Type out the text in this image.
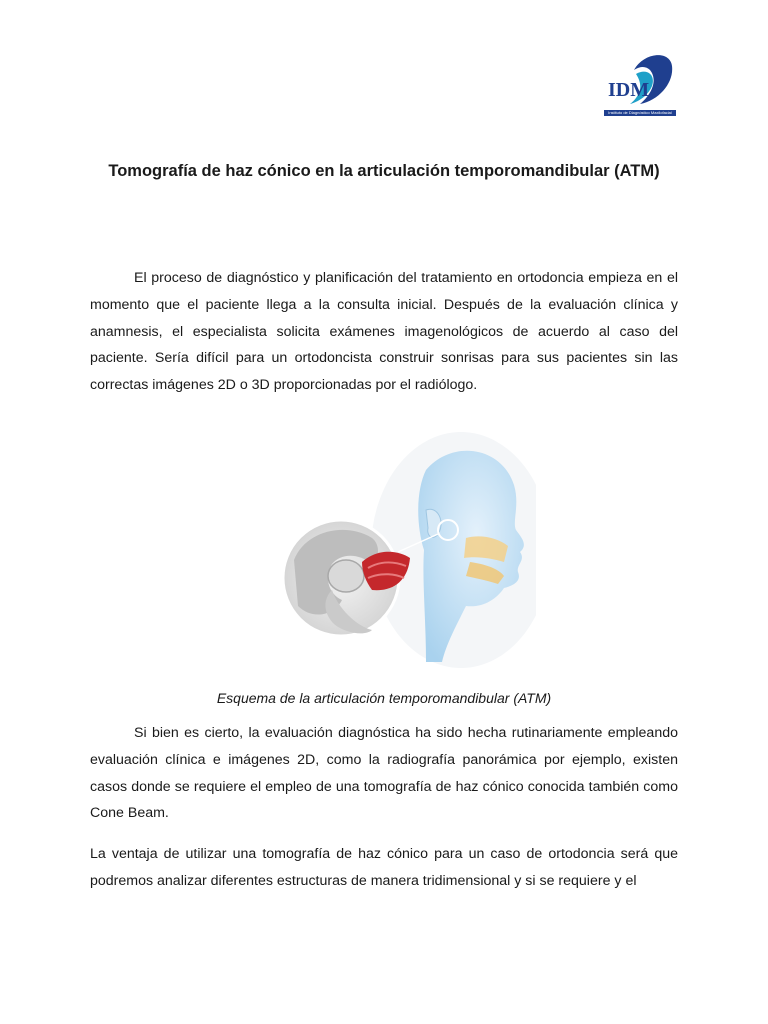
IDM
Instituto de Diagnóstico Maxilofacial
Tomografía de haz cónico en la articulación temporomandibular (ATM)

El proceso de diagnóstico y planificación del tratamiento en ortodoncia empieza en el momento que el paciente llega a la consulta inicial. Después de la evaluación clínica y anamnesis, el especialista solicita exámenes imagenológicos de acuerdo al caso del paciente. Sería difícil para un ortodoncista construir sonrisas para sus pacientes sin las correctas imágenes 2D o 3D proporcionadas por el radiólogo.

Esquema de la articulación temporomandibular (ATM)

Si bien es cierto, la evaluación diagnóstica ha sido hecha rutinariamente empleando evaluación clínica e imágenes 2D, como la radiografía panorámica por ejemplo, existen casos donde se requiere el empleo de una tomografía de haz cónico conocida también como Cone Beam.

La ventaja de utilizar una tomografía de haz cónico para un caso de ortodoncia será que podremos analizar diferentes estructuras de manera tridimensional y si se requiere y el
